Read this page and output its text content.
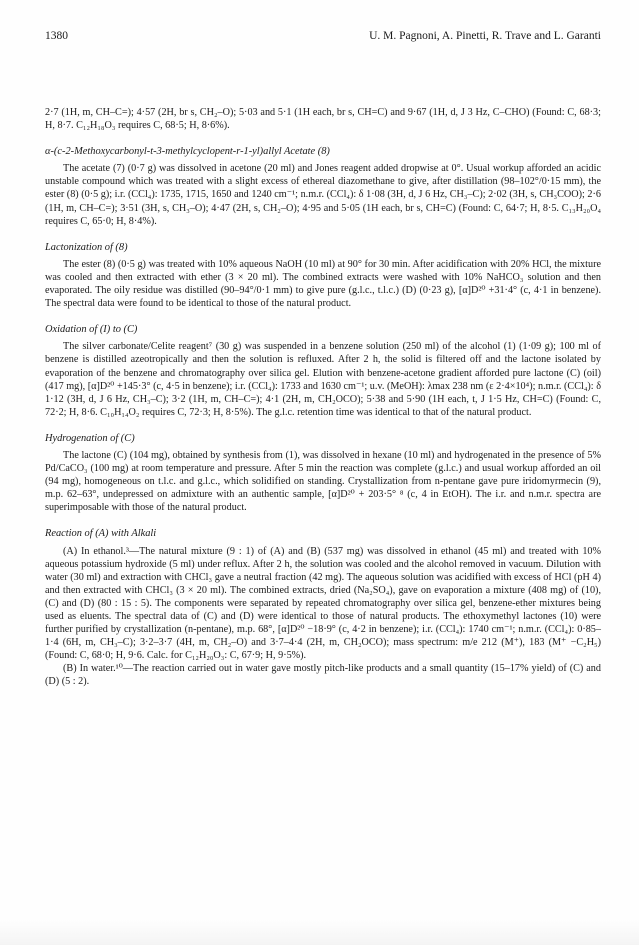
1380	U. M. Pagnoni, A. Pinetti, R. Trave and L. Garanti

2·7 (1H, m, CH–C=); 4·57 (2H, br s, CH₂–O); 5·03 and 5·1 (1H each, br s, CH=C) and 9·67 (1H, d, J 3 Hz, C–CHO) (Found: C, 68·3; H, 8·7. C₁₂H₁₈O₃ requires C, 68·5; H, 8·6%).

α-(c-2-Methoxycarbonyl-t-3-methylcyclopent-r-1-yl)allyl Acetate (8)

The acetate (7) (0·7 g) was dissolved in acetone (20 ml) and Jones reagent added dropwise at 0°. Usual workup afforded an acidic unstable compound which was treated with a slight excess of ethereal diazomethane to give, after distillation (98–102°/0·15 mm), the ester (8) (0·5 g); i.r. (CCl₄): 1735, 1715, 1650 and 1240 cm⁻¹; n.m.r. (CCl₄): δ 1·08 (3H, d, J 6 Hz, CH₃–C); 2·02 (3H, s, CH₃COO); 2·6 (1H, m, CH–C=); 3·51 (3H, s, CH₃–O); 4·47 (2H, s, CH₂–O); 4·95 and 5·05 (1H each, br s, CH=C) (Found: C, 64·7; H, 8·5. C₁₃H₂₀O₄ requires C, 65·0; H, 8·4%).

Lactonization of (8)

The ester (8) (0·5 g) was treated with 10% aqueous NaOH (10 ml) at 90° for 30 min. After acidification with 20% HCl, the mixture was cooled and then extracted with ether (3 × 20 ml). The combined extracts were washed with 10% NaHCO₃ solution and then evaporated. The oily residue was distilled (90–94°/0·1 mm) to give pure (g.l.c., t.l.c.) (D) (0·23 g), [α]D²⁰ +31·4° (c, 4·1 in benzene). The spectral data were found to be identical to those of the natural product.

Oxidation of (I) to (C)

The silver carbonate/Celite reagent⁷ (30 g) was suspended in a benzene solution (250 ml) of the alcohol (1) (1·09 g); 100 ml of benzene is distilled azeotropically and then the solution is refluxed. After 2 h, the solid is filtered off and the lactone isolated by evaporation of the benzene and chromatography over silica gel. Elution with benzene-acetone gradient afforded pure lactone (C) (oil) (417 mg), [α]D²⁰ +145·3° (c, 4·5 in benzene); i.r. (CCl₄): 1733 and 1630 cm⁻¹; u.v. (MeOH): λmax 238 nm (ε 2·4×10⁴); n.m.r. (CCl₄): δ 1·12 (3H, d, J 6 Hz, CH₃–C); 3·2 (1H, m, CH–C=); 4·1 (2H, m, CH₂OCO); 5·38 and 5·90 (1H each, t, J 1·5 Hz, CH=C) (Found: C, 72·2; H, 8·6. C₁₀H₁₄O₂ requires C, 72·3; H, 8·5%). The g.l.c. retention time was identical to that of the natural product.

Hydrogenation of (C)

The lactone (C) (104 mg), obtained by synthesis from (1), was dissolved in hexane (10 ml) and hydrogenated in the presence of 5% Pd/CaCO₃ (100 mg) at room temperature and pressure. After 5 min the reaction was complete (g.l.c.) and usual workup afforded an oil (94 mg), homogeneous on t.l.c. and g.l.c., which solidified on standing. Crystallization from n-pentane gave pure iridomyrmecin (9), m.p. 62–63°, undepressed on admixture with an authentic sample, [α]D²⁰ + 203·5° ⁸ (c, 4 in EtOH). The i.r. and n.m.r. spectra are superimposable with those of the natural product.

Reaction of (A) with Alkali

(A) In ethanol.³—The natural mixture (9 : 1) of (A) and (B) (537 mg) was dissolved in ethanol (45 ml) and treated with 10% aqueous potassium hydroxide (5 ml) under reflux. After 2 h, the solution was cooled and the alcohol removed in vacuum. Dilution with water (30 ml) and extraction with CHCl₃ gave a neutral fraction (42 mg). The aqueous solution was acidified with excess of HCl (pH 4) and then extracted with CHCl₃ (3 × 20 ml). The combined extracts, dried (Na₂SO₄), gave on evaporation a mixture (408 mg) of (10), (C) and (D) (80 : 15 : 5). The components were separated by repeated chromatography over silica gel, benzene-ether mixtures being used as eluents. The spectral data of (C) and (D) were identical to those of natural products. The ethoxymethyl lactones (10) were further purified by crystallization (n-pentane), m.p. 68°, [α]D²⁰ −18·9° (c, 4·2 in benzene); i.r. (CCl₄): 1740 cm⁻¹; n.m.r. (CCl₄): 0·85–1·4 (6H, m, CH₃–C); 3·2–3·7 (4H, m, CH₂–O) and 3·7–4·4 (2H, m, CH₂OCO); mass spectrum: m/e 212 (M⁺), 183 (M⁺ −C₂H₅) (Found: C, 68·0; H, 9·6. Calc. for C₁₂H₂₀O₃: C, 67·9; H, 9·5%).

(B) In water.¹⁰—The reaction carried out in water gave mostly pitch-like products and a small quantity (15–17% yield) of (C) and (D) (5 : 2).
